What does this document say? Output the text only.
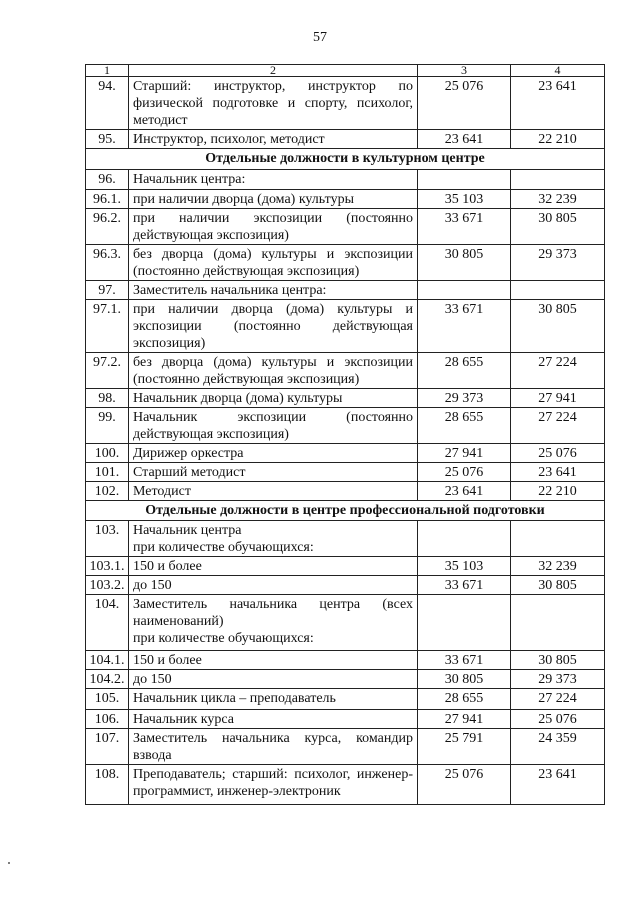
57
1	2	3	4
94.	Старший: инструктор, инструктор по физической подготовке и спорту, психолог, методист	25 076	23 641
95.	Инструктор, психолог, методист	23 641	22 210
Отдельные должности в культурном центре			
96.	Начальник центра:		
96.1.	при наличии дворца (дома) культуры	35 103	32 239
96.2.	при наличии экспозиции (постоянно действующая экспозиция)	33 671	30 805
96.3.	без дворца (дома) культуры и экспозиции (постоянно действующая экспозиция)	30 805	29 373
97.	Заместитель начальника центра:		
97.1.	при наличии дворца (дома) культуры и экспозиции (постоянно действующая экспозиция)	33 671	30 805
97.2.	без дворца (дома) культуры и экспозиции (постоянно действующая экспозиция)	28 655	27 224
98.	Начальник дворца (дома) культуры	29 373	27 941
99.	Начальник экспозиции (постоянно действующая экспозиция)	28 655	27 224
100.	Дирижер оркестра	27 941	25 076
101.	Старший методист	25 076	23 641
102.	Методист	23 641	22 210
Отдельные должности в центре профессиональной подготовки			
103.	Начальник центра
при количестве обучающихся:		

103.1.	150 и более	35 103	32 239
103.2.	до 150	33 671	30 805
104.	Заместитель начальника центра (всех наименований)
при количестве обучающихся:		

104.1.	150 и более	33 671	30 805
104.2.	до 150	30 805	29 373
105.	Начальник цикла – преподаватель	28 655	27 224
106.	Начальник курса	27 941	25 076
107.	Заместитель начальника курса, командир взвода	25 791	24 359
108.	Преподаватель; старший: психолог, инженер-программист, инженер-электроник	25 076	23 641
